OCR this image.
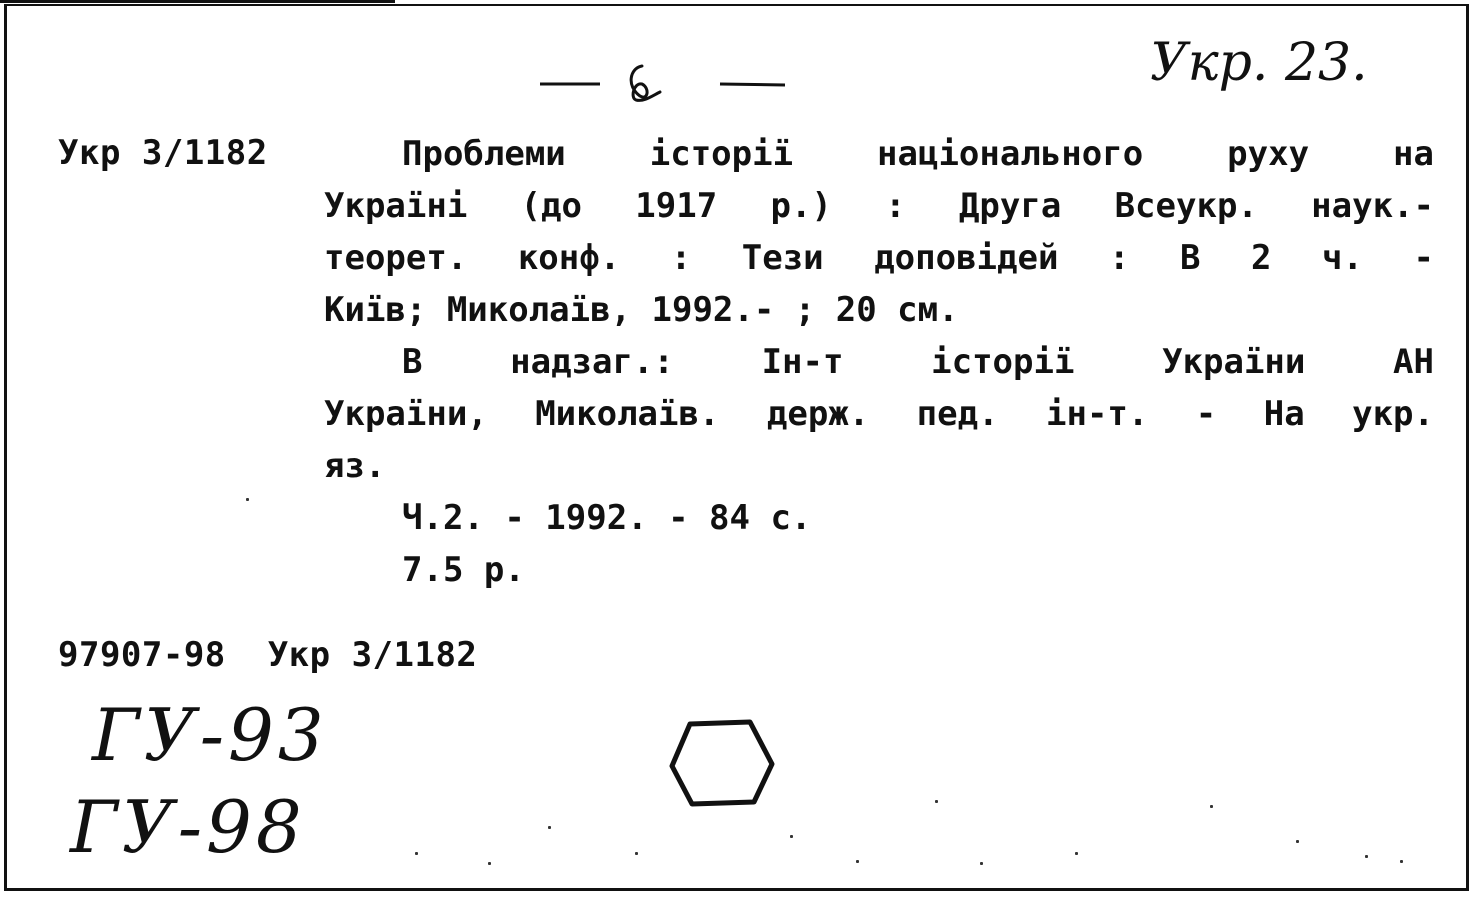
Укр. 23.
Укр 3/1182	Проблеми історії національного руху на
Україні (до 1917 р.) : Друга Всеукр. наук.-
теорет. конф. : Тези доповідей : В 2 ч. -
Київ; Миколаїв, 1992.- ; 20 см.
В надзаг.: Ін-т історії України АН
України, Миколаїв. держ. пед. ін-т. - На укр.
яз.
Ч.2. - 1992. - 84 с.
7.5 р.
97907-98  Укр 3/1182
ГУ-93
ГУ-98
